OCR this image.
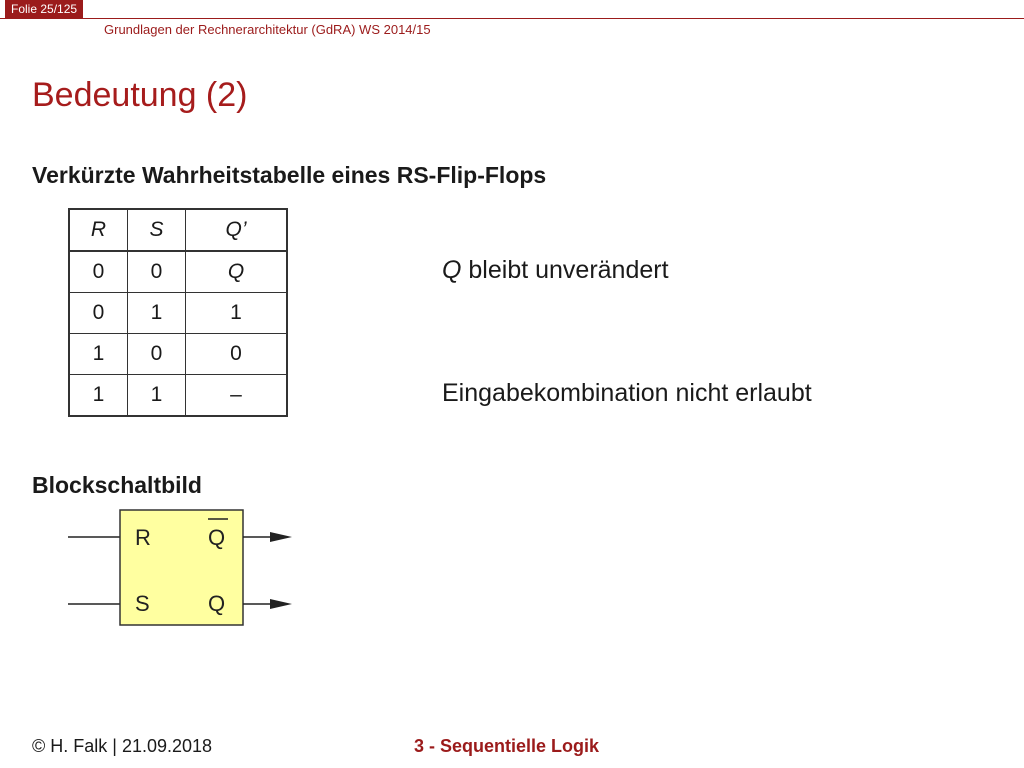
Folie 25/125
Grundlagen der Rechnerarchitektur (GdRA) WS 2014/15
Bedeutung (2)
Verkürzte Wahrheitstabelle eines RS-Flip-Flops
R	S	Q’
0	0	Q
0	1	1
1	0	0
1	1	–
Q bleibt unverändert
Eingabekombination nicht erlaubt
Blockschaltbild
R
S
Q
Q
© H. Falk | 21.09.2018	3 - Sequentielle Logik
